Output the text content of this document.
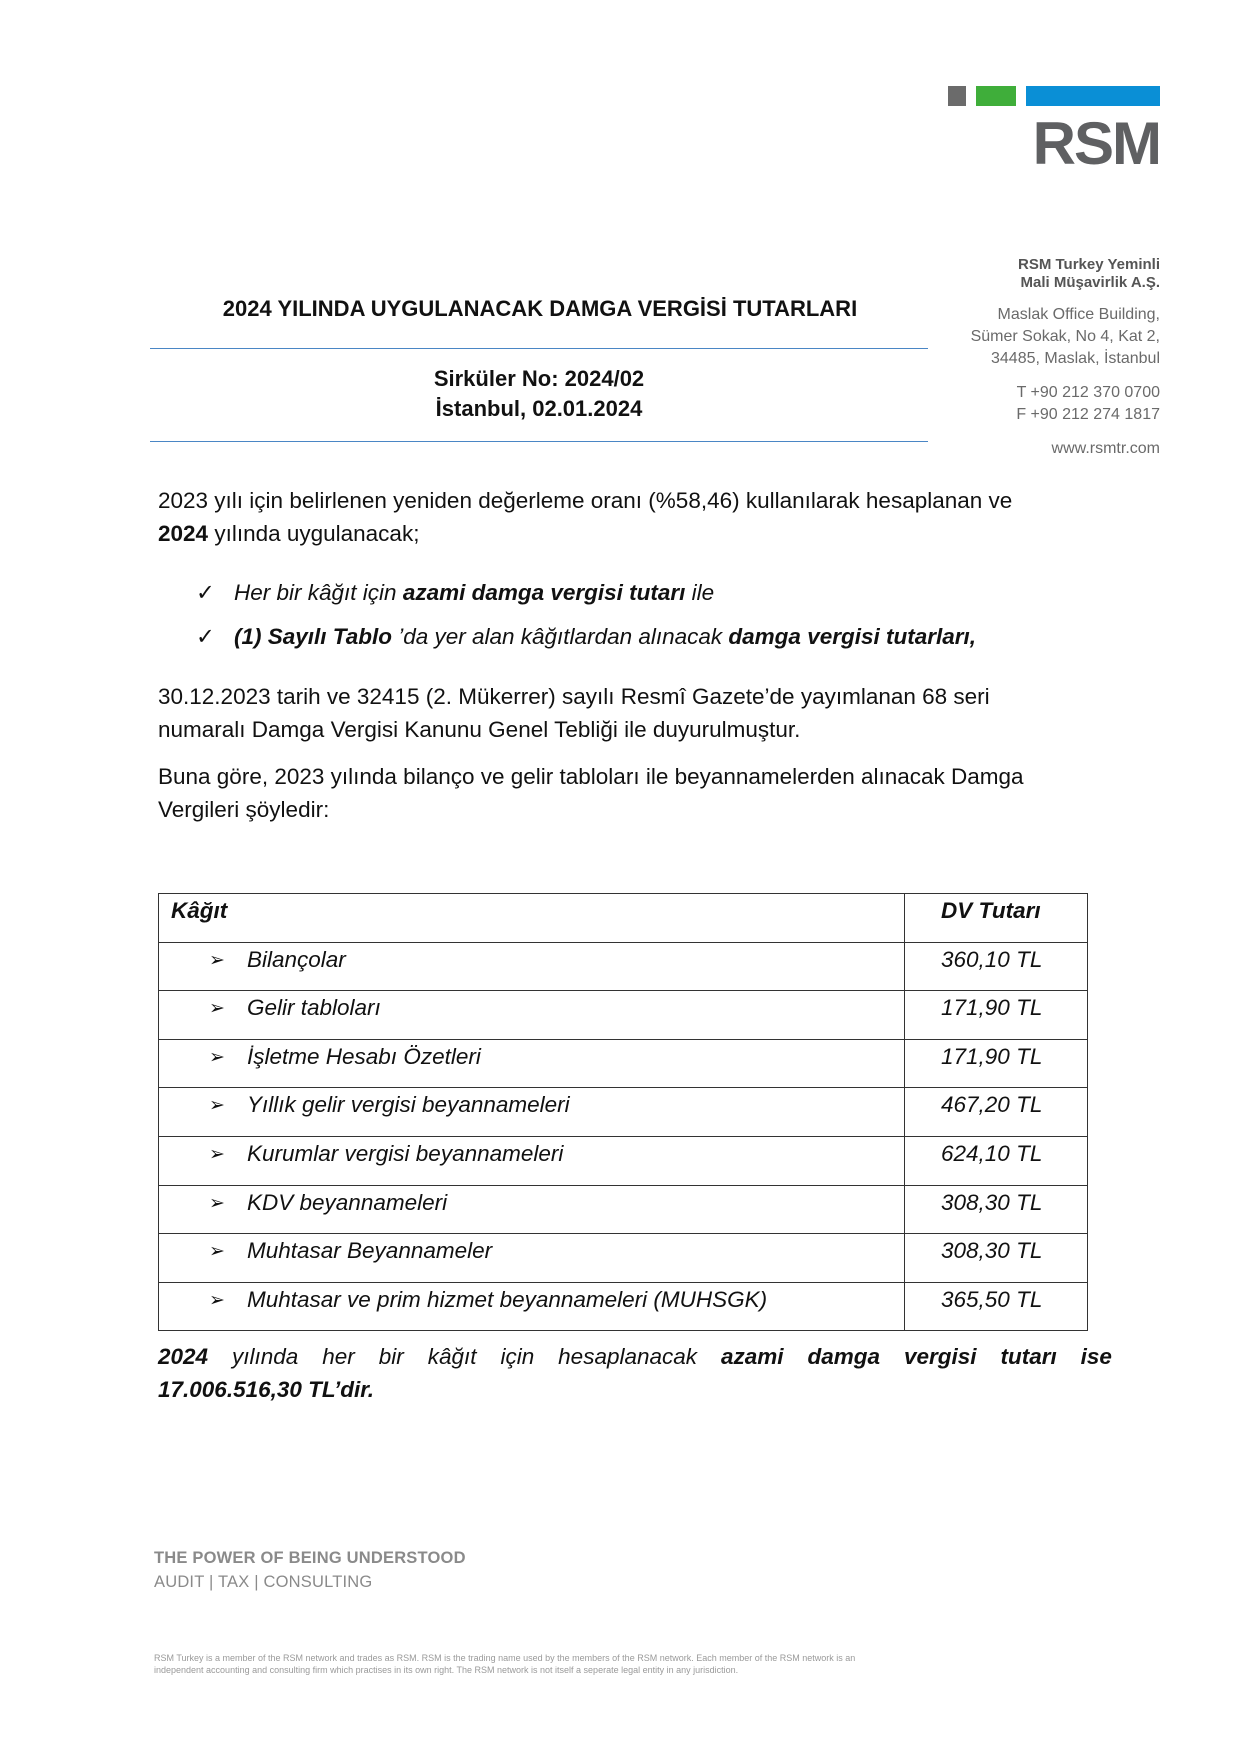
RSM
RSM Turkey Yeminli
Mali Müşavirlik A.Ş.
Maslak Office Building,
Sümer Sokak, No 4, Kat 2,
34485, Maslak, İstanbul
T +90 212 370 0700
F +90 212 274 1817
www.rsmtr.com
2024 YILINDA UYGULANACAK DAMGA VERGİSİ TUTARLARI
Sirküler No: 2024/02
İstanbul, 02.01.2024
2023 yılı için belirlenen yeniden değerleme oranı (%58,46) kullanılarak hesaplanan ve
2024 yılında uygulanacak;
✓ Her bir kâğıt için azami damga vergisi tutarı ile
✓ (1) Sayılı Tablo ’da yer alan kâğıtlardan alınacak damga vergisi tutarları,
30.12.2023 tarih ve 32415 (2. Mükerrer) sayılı Resmî Gazete’de yayımlanan 68 seri
numaralı Damga Vergisi Kanunu Genel Tebliği ile duyurulmuştur.
Buna göre, 2023 yılında bilanço ve gelir tabloları ile beyannamelerden alınacak Damga
Vergileri şöyledir:
Kâğıt	DV Tutarı

➢ Bilançolar	360,10 TL

➢ Gelir tabloları	171,90 TL

➢ İşletme Hesabı Özetleri	171,90 TL

➢ Yıllık gelir vergisi beyannameleri	467,20 TL

➢ Kurumlar vergisi beyannameleri	624,10 TL

➢ KDV beyannameleri	308,30 TL

➢ Muhtasar Beyannameler	308,30 TL

➢ Muhtasar ve prim hizmet beyannameleri (MUHSGK)	365,50 TL
2024 yılında her bir kâğıt için hesaplanacak azami damga vergisi tutarı ise
17.006.516,30 TL’dir.
THE POWER OF BEING UNDERSTOOD
AUDIT | TAX | CONSULTING
RSM Turkey is a member of the RSM network and trades as RSM. RSM is the trading name used by the members of the RSM network. Each member of the RSM network is an
independent accounting and consulting firm which practises in its own right. The RSM network is not itself a seperate legal entity in any jurisdiction.
